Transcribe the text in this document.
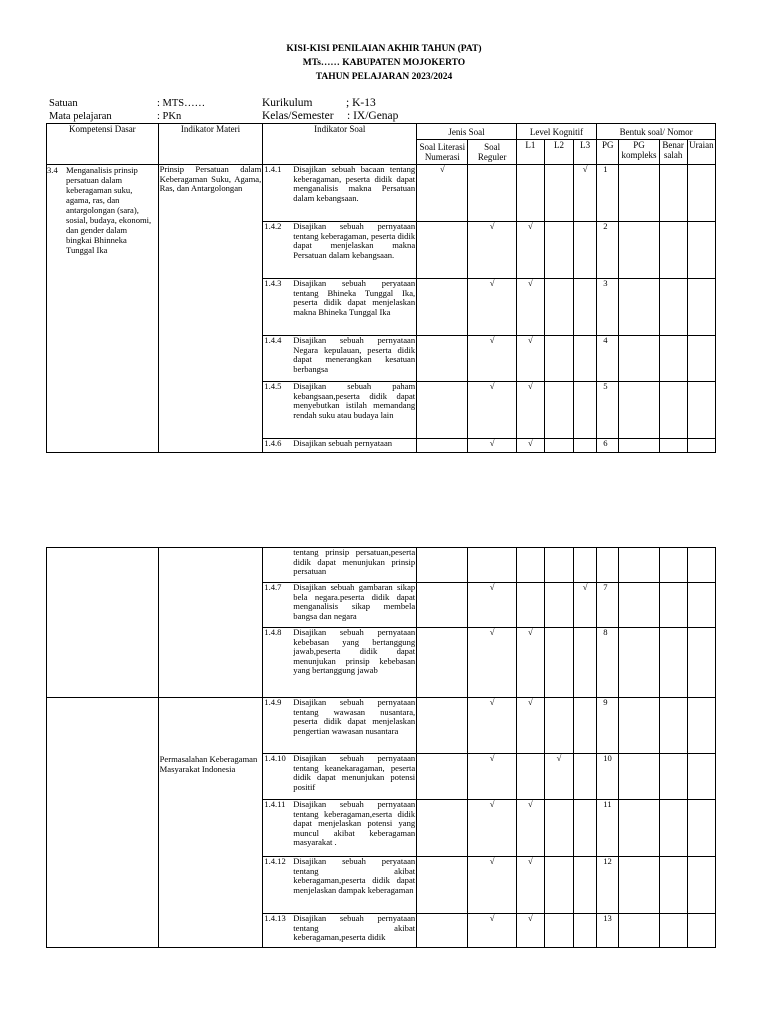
KISI-KISI PENILAIAN AKHIR TAHUN (PAT)
MTs…… KABUPATEN MOJOKERTO
TAHUN PELAJARAN 2023/2024
Satuan	: MTS……	Kurikulum	; K-13
Mata pelajaran	: PKn	Kelas/Semester : IX/Genap
Kompetensi Dasar	Indikator Materi	Indikator Soal	Jenis Soal		Level Kognitif			Bentuk soal/ Nomor			
			Soal Literasi Numerasi	Soal Reguler	L1	L2	L3	PG	PG kompleks	Benar salah	Uraian

3.4 Menganalisis prinsip persatuan dalam keberagaman suku, agama, ras, dan antargolongan (sara), sosial, budaya, ekonomi, dan gender dalam bingkai Bhinneka Tunggal Ika	Prinsip Persatuan dalam Keberagaman Suku, Agama, Ras, dan Antargolongan	1.4.1 Disajikan sebuah bacaan tentang keberagaman, peserta didik dapat menganalisis makna Persatuan dalam kebangsaan.	√				√	1			

		1.4.2 Disajikan sebuah pernyataan tentang keberagaman, peserta didik dapat menjelaskan makna Persatuan dalam kebangsaan.		√	√			2			

		1.4.3 Disajikan sebuah peryataan tentang Bhineka Tunggal Ika, peserta didik dapat menjelaskan makna Bhineka Tunggal Ika		√	√			3			

		1.4.4 Disajikan sebuah pernyataan Negara kepulauan, peserta didik dapat menerangkan kesatuan berbangsa		√	√			4			

		1.4.5 Disajikan sebuah paham kebangsaan,peserta didik dapat menyebutkan istilah memandang rendah suku atau budaya lain		√	√			5			

		1.4.6 Disajikan sebuah pernyataan		√	√			6			

		tentang prinsip persatuan,peserta didik dapat menunjukan prinsip persatuan									

		1.4.7 Disajikan sebuah gambaran sikap bela negara.peserta didik dapat menganalisis sikap membela bangsa dan negara		√			√	7			

		1.4.8 Disajikan sebuah pernyataan kebebasan yang bertanggung jawab,peserta didik dapat menunjukan prinsip kebebasan yang bertanggung jawab		√	√			8			

	Permasalahan Keberagaman Masyarakat Indonesia	1.4.9 Disajikan sebuah pernyataan tentang wawasan nusantara, peserta didik dapat menjelaskan pengertian wawasan nusantara		√	√			9			

		1.4.10 Disajikan sebuah pernyataan tentang keanekaragaman, peserta didik dapat menunjukan potensi positif		√		√		10			

		1.4.11 Disajikan sebuah pernyataan tentang keberagaman,eserta didik dapat menjelaskan potensi yang muncul akibat keberagaman masyarakat .		√	√			11			

		1.4.12 Disajikan sebuah peryataan tentang akibat keberagaman,peserta didik dapat menjelaskan dampak keberagaman		√	√			12			

		1.4.13 Disajikan sebuah pernyataan tentang akibat keberagaman,peserta didik		√	√			13			
